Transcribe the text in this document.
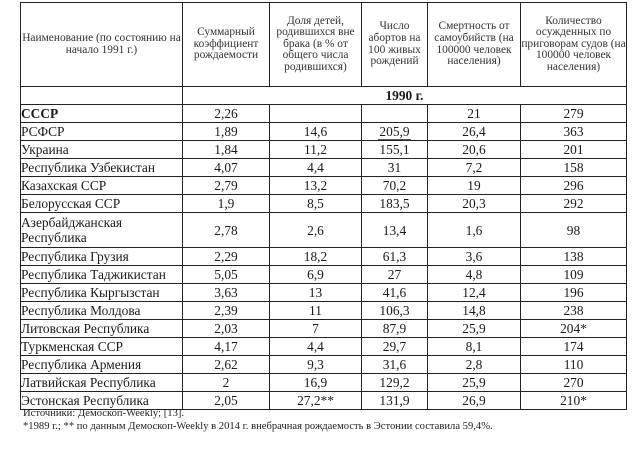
Наименование (по состоянию на начало 1991 г.)	Суммарный коэффициент рождаемости	Доля детей, родившихся вне брака (в % от общего числа родившихся)	Число абортов на 100 живых рождений	Смертность от самоубийств (на 100000 человек населения)	Количество осужденных по приговорам судов (на 100000 человек населения)
	1990 г.				
СССР	2,26			21	279
РСФСР	1,89	14,6	205,9	26,4	363
Украина	1,84	11,2	155,1	20,6	201
Республика Узбекистан	4,07	4,4	31	7,2	158
Казахская ССР	2,79	13,2	70,2	19	296
Белорусская ССР	1,9	8,5	183,5	20,3	292
Азербайджанская Республика	2,78	2,6	13,4	1,6	98
Республика Грузия	2,29	18,2	61,3	3,6	138
Республика Таджикистан	5,05	6,9	27	4,8	109
Республика Кыргызстан	3,63	13	41,6	12,4	196
Республика Молдова	2,39	11	106,3	14,8	238
Литовская Республика	2,03	7	87,9	25,9	204*
Туркменская ССР	4,17	4,4	29,7	8,1	174
Республика Армения	2,62	9,3	31,6	2,8	110
Латвийская Республика	2	16,9	129,2	25,9	270
Эстонская Республика	2,05	27,2**	131,9	26,9	210*
Источники: Демоскоп-Weekly; [13].
*1989 г.; ** по данным Демоскоп-Weekly в 2014 г. внебрачная рождаемость в Эстонии составила 59,4%.
